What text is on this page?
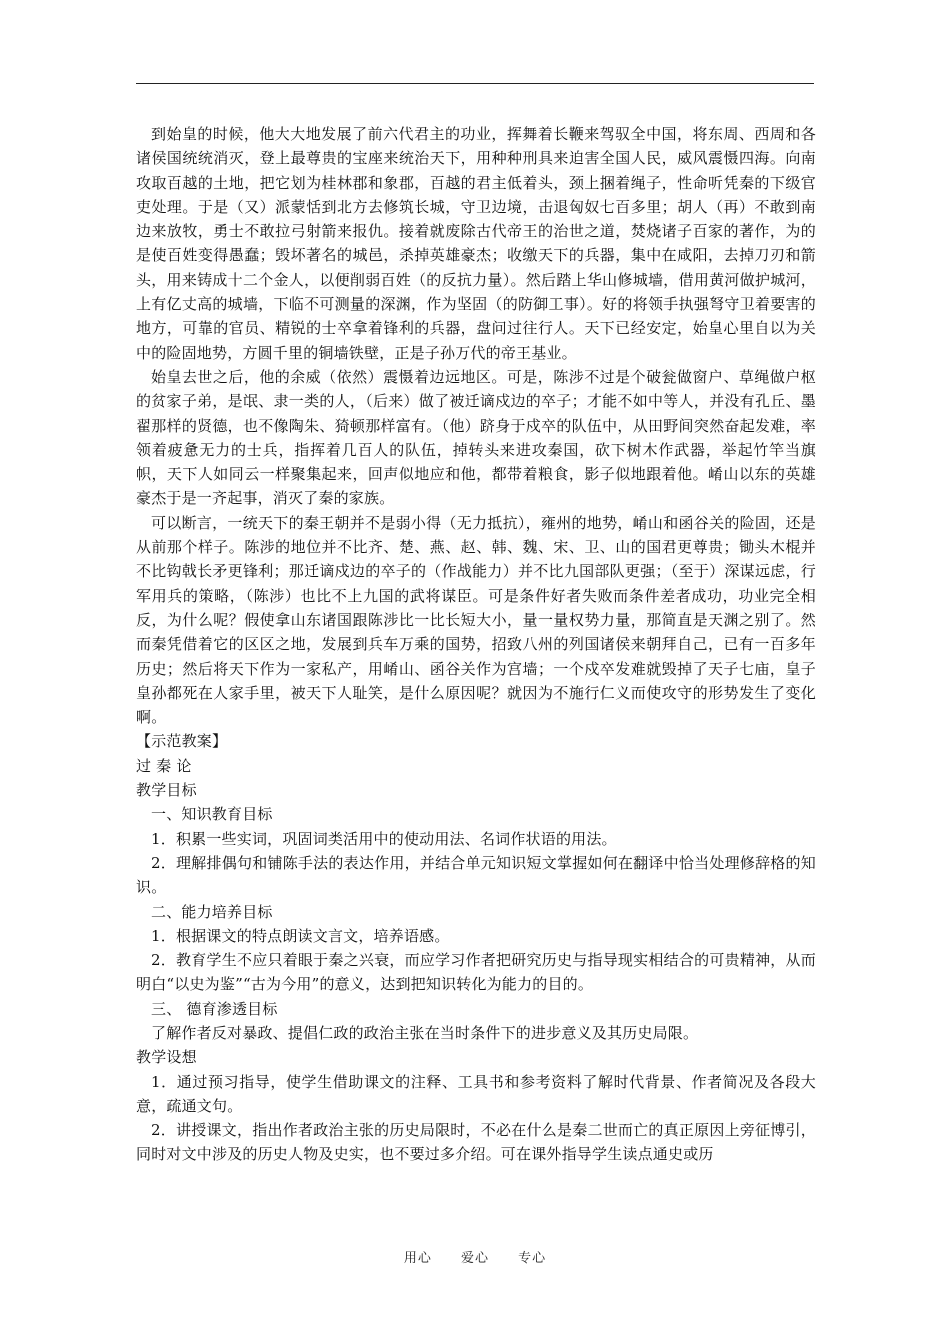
到始皇的时候，他大大地发展了前六代君主的功业，挥舞着长鞭来驾驭全中国，将东周、西周和各诸侯国统统消灭，登上最尊贵的宝座来统治天下，用种种刑具来迫害全国人民，威风震慑四海。向南攻取百越的土地，把它划为桂林郡和象郡，百越的君主低着头，颈上捆着绳子，性命听凭秦的下级官吏处理。于是（又）派蒙恬到北方去修筑长城，守卫边境，击退匈奴七百多里；胡人（再）不敢到南边来放牧，勇士不敢拉弓射箭来报仇。接着就废除古代帝王的治世之道，焚烧诸子百家的著作，为的是使百姓变得愚蠢；毁坏著名的城邑，杀掉英雄豪杰；收缴天下的兵器，集中在咸阳，去掉刀刃和箭头，用来铸成十二个金人，以便削弱百姓（的反抗力量）。然后踏上华山修城墙，借用黄河做护城河，上有亿丈高的城墙，下临不可测量的深渊，作为坚固（的防御工事）。好的将领手执强弩守卫着要害的地方，可靠的官员、精锐的士卒拿着锋利的兵器，盘问过往行人。天下已经安定，始皇心里自以为关中的险固地势，方圆千里的铜墙铁壁，正是子孙万代的帝王基业。

始皇去世之后，他的余威（依然）震慑着边远地区。可是，陈涉不过是个破瓮做窗户、草绳做户枢的贫家子弟，是氓、隶一类的人，（后来）做了被迁谪戍边的卒子；才能不如中等人，并没有孔丘、墨翟那样的贤德，也不像陶朱、猗顿那样富有。（他）跻身于戍卒的队伍中，从田野间突然奋起发难，率领着疲惫无力的士兵，指挥着几百人的队伍，掉转头来进攻秦国，砍下树木作武器，举起竹竿当旗帜，天下人如同云一样聚集起来，回声似地应和他，都带着粮食，影子似地跟着他。崤山以东的英雄豪杰于是一齐起事，消灭了秦的家族。

可以断言，一统天下的秦王朝并不是弱小得（无力抵抗），雍州的地势，崤山和函谷关的险固，还是从前那个样子。陈涉的地位并不比齐、楚、燕、赵、韩、魏、宋、卫、山的国君更尊贵；锄头木棍并不比钩戟长矛更锋利；那迁谪戍边的卒子的（作战能力）并不比九国部队更强；（至于）深谋远虑，行军用兵的策略，（陈涉）也比不上九国的武将谋臣。可是条件好者失败而条件差者成功，功业完全相反，为什么呢？假使拿山东诸国跟陈涉比一比长短大小，量一量权势力量，那简直是天渊之别了。然而秦凭借着它的区区之地，发展到兵车万乘的国势，招致八州的列国诸侯来朝拜自己，已有一百多年历史；然后将天下作为一家私产，用崤山、函谷关作为宫墙；一个戍卒发难就毁掉了天子七庙，皇子皇孙都死在人家手里，被天下人耻笑，是什么原因呢？就因为不施行仁义而使攻守的形势发生了变化啊。

【示范教案】

过 秦 论

教学目标

一、知识教育目标

1．积累一些实词，巩固词类活用中的使动用法、名词作状语的用法。

2．理解排偶句和铺陈手法的表达作用，并结合单元知识短文掌握如何在翻译中恰当处理修辞格的知识。

二、能力培养目标

1．根据课文的特点朗读文言文，培养语感。

2．教育学生不应只着眼于秦之兴衰，而应学习作者把研究历史与指导现实相结合的可贵精神，从而明白“以史为鉴”“古为今用”的意义，达到把知识转化为能力的目的。

三、 德育渗透目标

了解作者反对暴政、提倡仁政的政治主张在当时条件下的进步意义及其历史局限。

教学设想

1．通过预习指导，使学生借助课文的注释、工具书和参考资料了解时代背景、作者简况及各段大意，疏通文句。

2．讲授课文，指出作者政治主张的历史局限时，不必在什么是秦二世而亡的真正原因上旁征博引，同时对文中涉及的历史人物及史实，也不要过多介绍。可在课外指导学生读点通史或历

用心 爱心 专心
